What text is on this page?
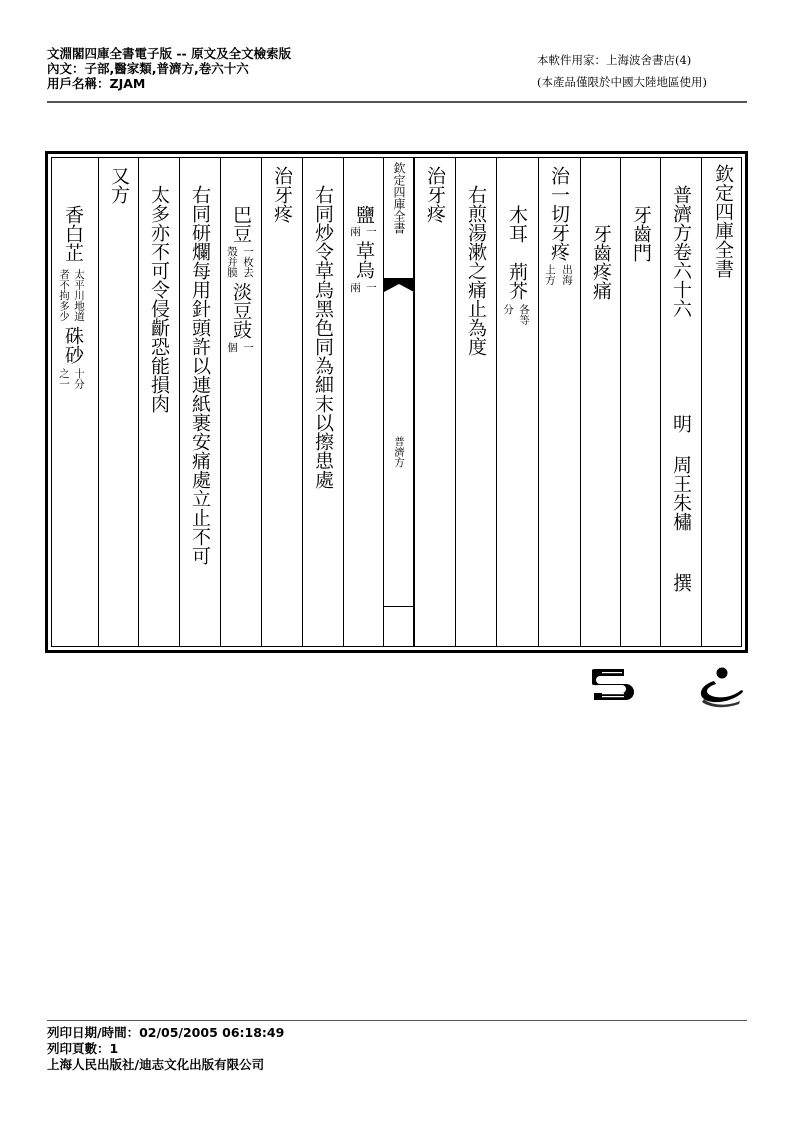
文淵閣四庫全書電子版 -- 原文及全文檢索版
內文：子部,醫家類,普濟方,卷六十六
用戶名稱：ZJAM
本軟件用家：上海波舍書店(4)
(本產品僅限於中國大陸地區使用)
香白芷
太平川地道
者不拘多少
硃砂
十分
之一
又方 太多亦不可令侵齗恐能損肉 右同研爛每用針頭許以連紙裹安痛處立止不可 巴豆
一枚去
殼并膜
淡豆豉
一
個
治牙疼 右同炒令草烏黑色同為細末以擦患處 鹽
一
兩
草烏
一
兩
欽定四庫全書
普濟方
治牙疼 右煎湯漱之痛止為度 木耳
荊芥
各等
分
治一切牙疼
出海
上方 牙齒疼痛 牙齒門 普濟方卷六十六
明
周王朱橚
撰
欽定四庫全書
列印日期/時間：02/05/2005 06:18:49
列印頁數：1
上海人民出版社/迪志文化出版有限公司
